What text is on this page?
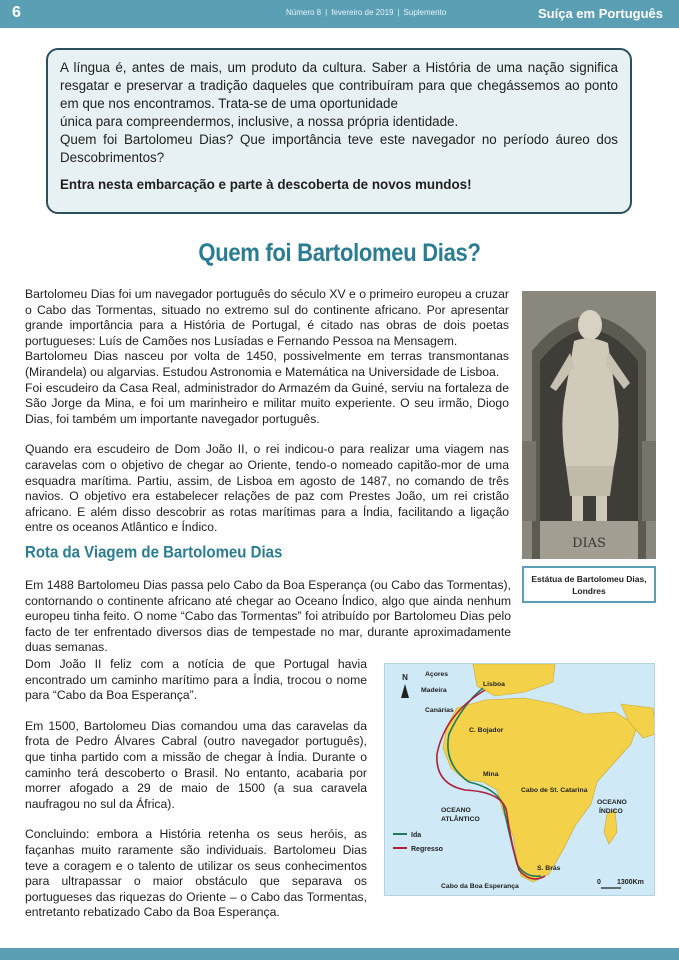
6	Número 8 | fevereiro de 2019 | Suplemento	Suíça em Português

A língua é, antes de mais, um produto da cultura. Saber a História de uma nação significa resgatar e preservar a tradição daqueles que contribuíram para que chegássemos ao ponto em que nos encontramos. Trata-se de uma oportunidade

única para compreendermos, inclusive, a nossa própria identidade.

Quem foi Bartolomeu Dias? Que importância teve este navegador no período áureo dos Descobrimentos?

Entra nesta embarcação e parte à descoberta de novos mundos!

Quem foi Bartolomeu Dias?

Bartolomeu Dias foi um navegador português do século XV e o primeiro europeu a cruzar o Cabo das Tormentas, situado no extremo sul do continente africano. Por apresentar grande importância para a História de Portugal, é citado nas obras de dois poetas portugueses: Luís de Camões nos Lusíadas e Fernando Pessoa na Mensagem.

Bartolomeu Dias nasceu por volta de 1450, possivelmente em terras transmontanas (Mirandela) ou algarvias. Estudou Astronomia e Matemática na Universidade de Lisboa.

Foi escudeiro da Casa Real, administrador do Armazém da Guiné, serviu na fortaleza de São Jorge da Mina, e foi um marinheiro e militar muito experiente. O seu irmão, Diogo Dias, foi também um importante navegador português.

Quando era escudeiro de Dom João II, o rei indicou-o para realizar uma viagem nas caravelas com o objetivo de chegar ao Oriente, tendo-o nomeado capitão-mor de uma esquadra marítima. Partiu, assim, de Lisboa em agosto de 1487, no comando de três navios. O objetivo era estabelecer relações de paz com Prestes João, um rei cristão africano. E além disso descobrir as rotas marítimas para a Índia, facilitando a ligação entre os oceanos Atlântico e Índico.

DIAS
Estátua de Bartolomeu Dias, Londres
Rota da Viagem de Bartolomeu Dias

Em 1488 Bartolomeu Dias passa pelo Cabo da Boa Esperança (ou Cabo das Tormentas), contornando o continente africano até chegar ao Oceano Índico, algo que ainda nenhum europeu tinha feito. O nome “Cabo das Tormentas” foi atribuído por Bartolomeu Dias pelo facto de ter enfrentado diversos dias de tempestade no mar, durante aproximadamente duas semanas.

Dom João II feliz com a notícia de que Portugal havia encontrado um caminho marítimo para a Índia, trocou o nome para “Cabo da Boa Esperança”.

Em 1500, Bartolomeu Dias comandou uma das caravelas da frota de Pedro Álvares Cabral (outro navegador português), que tinha partido com a missão de chegar à Índia. Durante o caminho terá descoberto o Brasil. No entanto, acabaria por morrer afogado a 29 de maio de 1500 (a sua caravela naufragou no sul da África).

Concluindo: embora a História retenha os seus heróis, as façanhas muito raramente são individuais. Bartolomeu Dias teve a coragem e o talento de utilizar os seus conhecimentos para ultrapassar o maior obstáculo que separava os portugueses das riquezas do Oriente – o Cabo das Tormentas, entretanto rebatizado Cabo da Boa Esperança.

N	Açores
Madeira
Canárias
Lisboa
C. Bojador
Mina
Cabo de St. Catarina
OCEANO
ATLÂNTICO
OCEANO
ÍNDICO
S. Brás
Cabo da Boa Esperança
Ida
Regresso
0 1300Km
